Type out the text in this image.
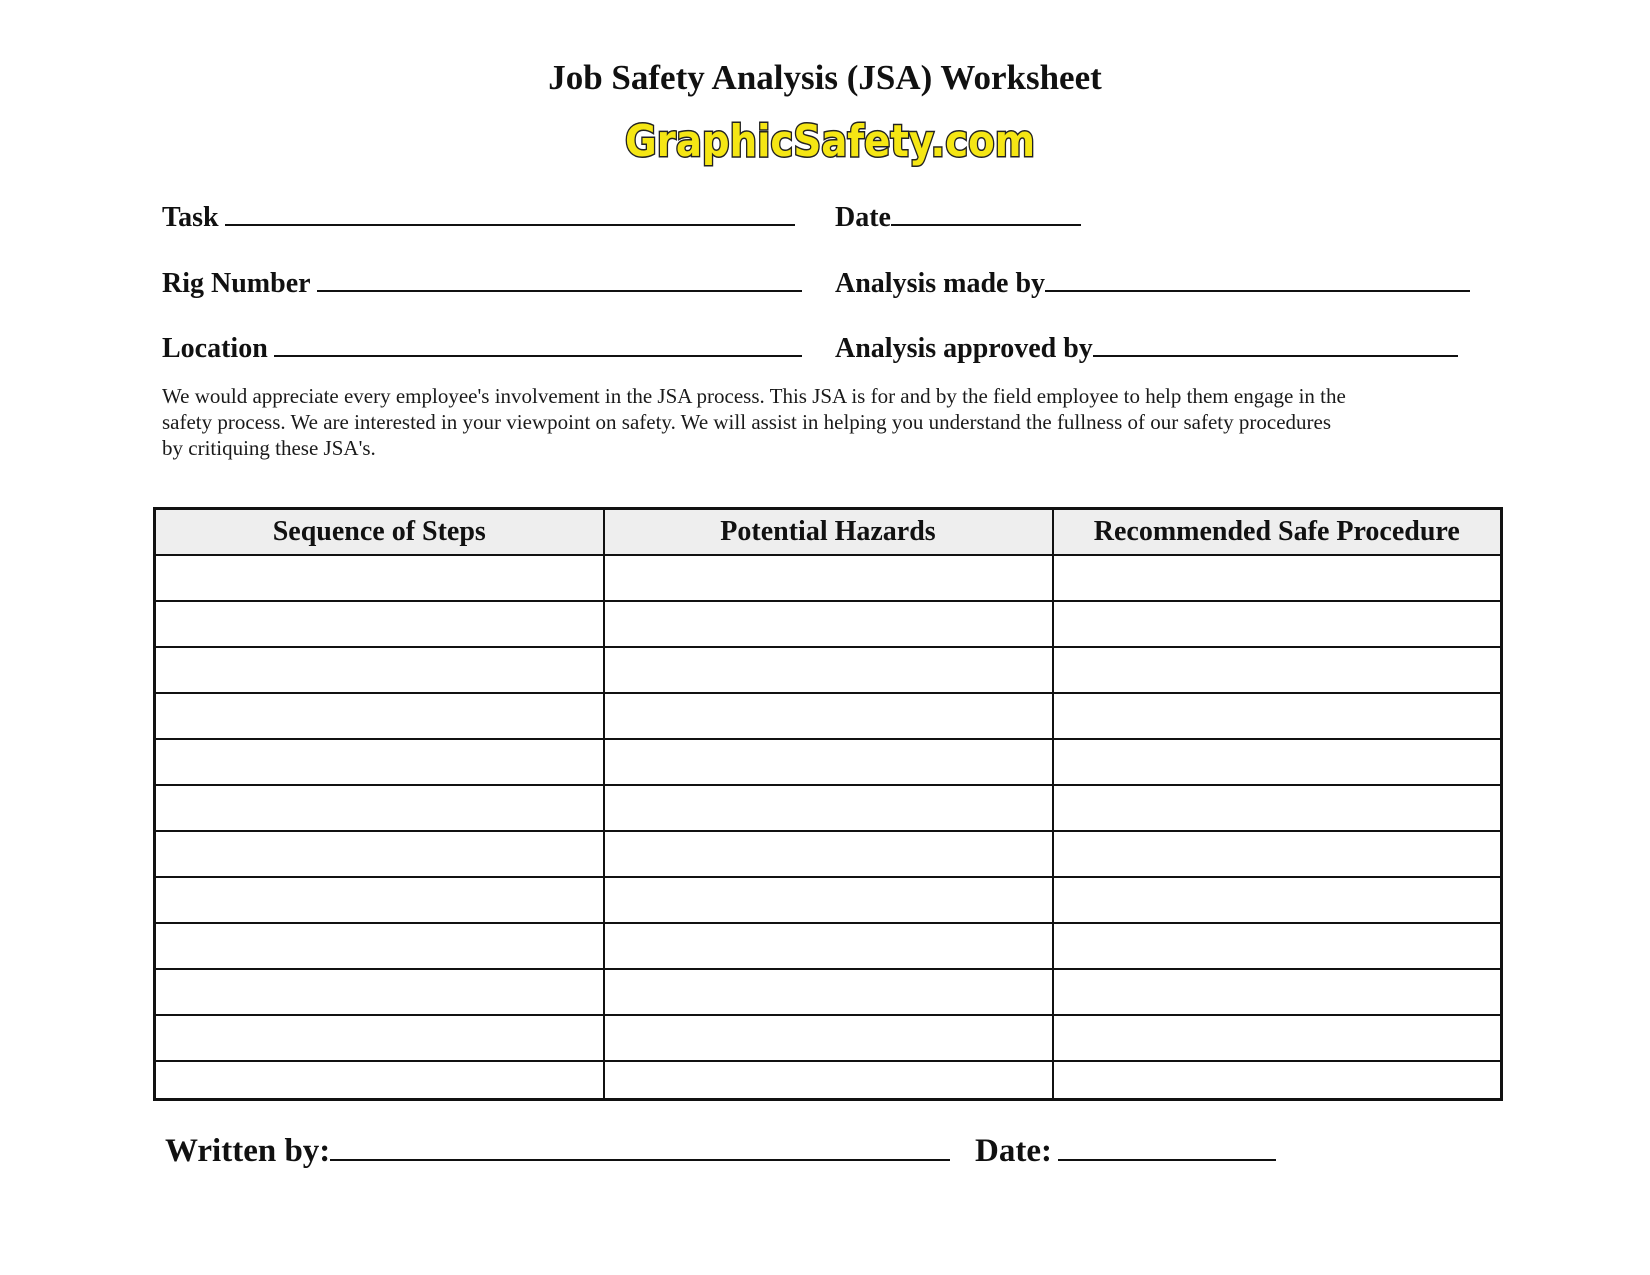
Job Safety Analysis (JSA) Worksheet
GraphicSafety.com
Task	Date
Rig Number	Analysis made by
Location	Analysis approved by
We would appreciate every employee's involvement in the JSA process. This JSA is for and by the field employee to help them engage in the
safety process. We are interested in your viewpoint on safety. We will assist in helping you understand the fullness of our safety procedures
by critiquing these JSA's.
Sequence of Steps	Potential Hazards	Recommended Safe Procedure

Written by:	Date:
